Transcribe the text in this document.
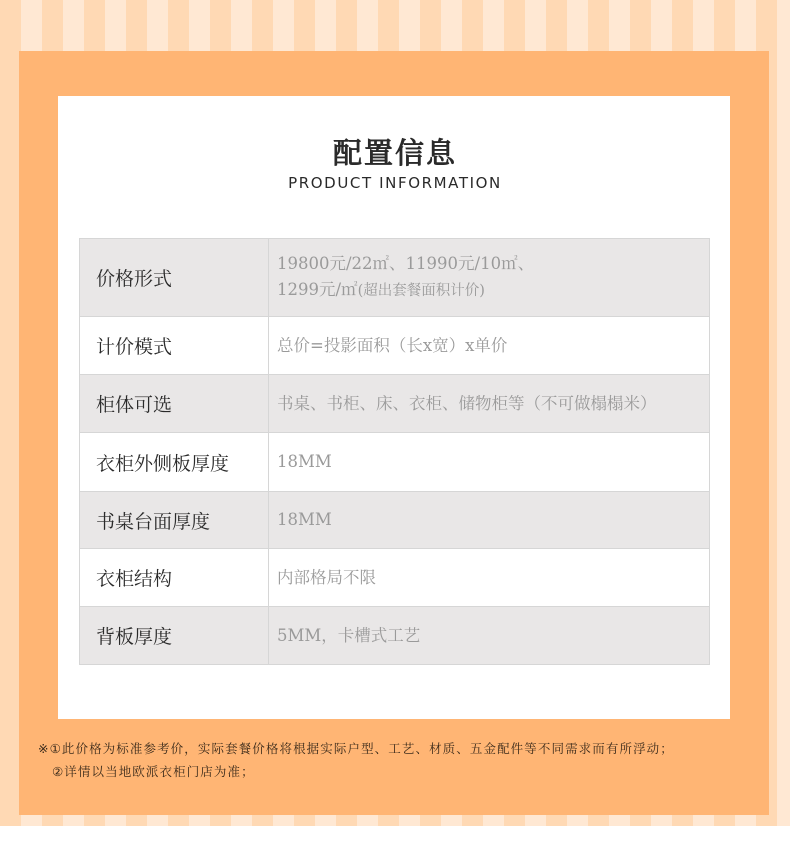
配置信息
PRODUCT INFORMATION
价格形式	19800元/22㎡、11990元/10㎡、
1299元/㎡(超出套餐面积计价)

计价模式	总价=投影面积（长x宽）x单价
柜体可选	书桌、书柜、床、衣柜、储物柜等（不可做榻榻米）
衣柜外侧板厚度	18MM
书桌台面厚度	18MM
衣柜结构	内部格局不限
背板厚度	5MM，卡槽式工艺
※①此价格为标准参考价，实际套餐价格将根据实际户型、工艺、材质、五金配件等不同需求而有所浮动；
②详情以当地欧派衣柜门店为准；
